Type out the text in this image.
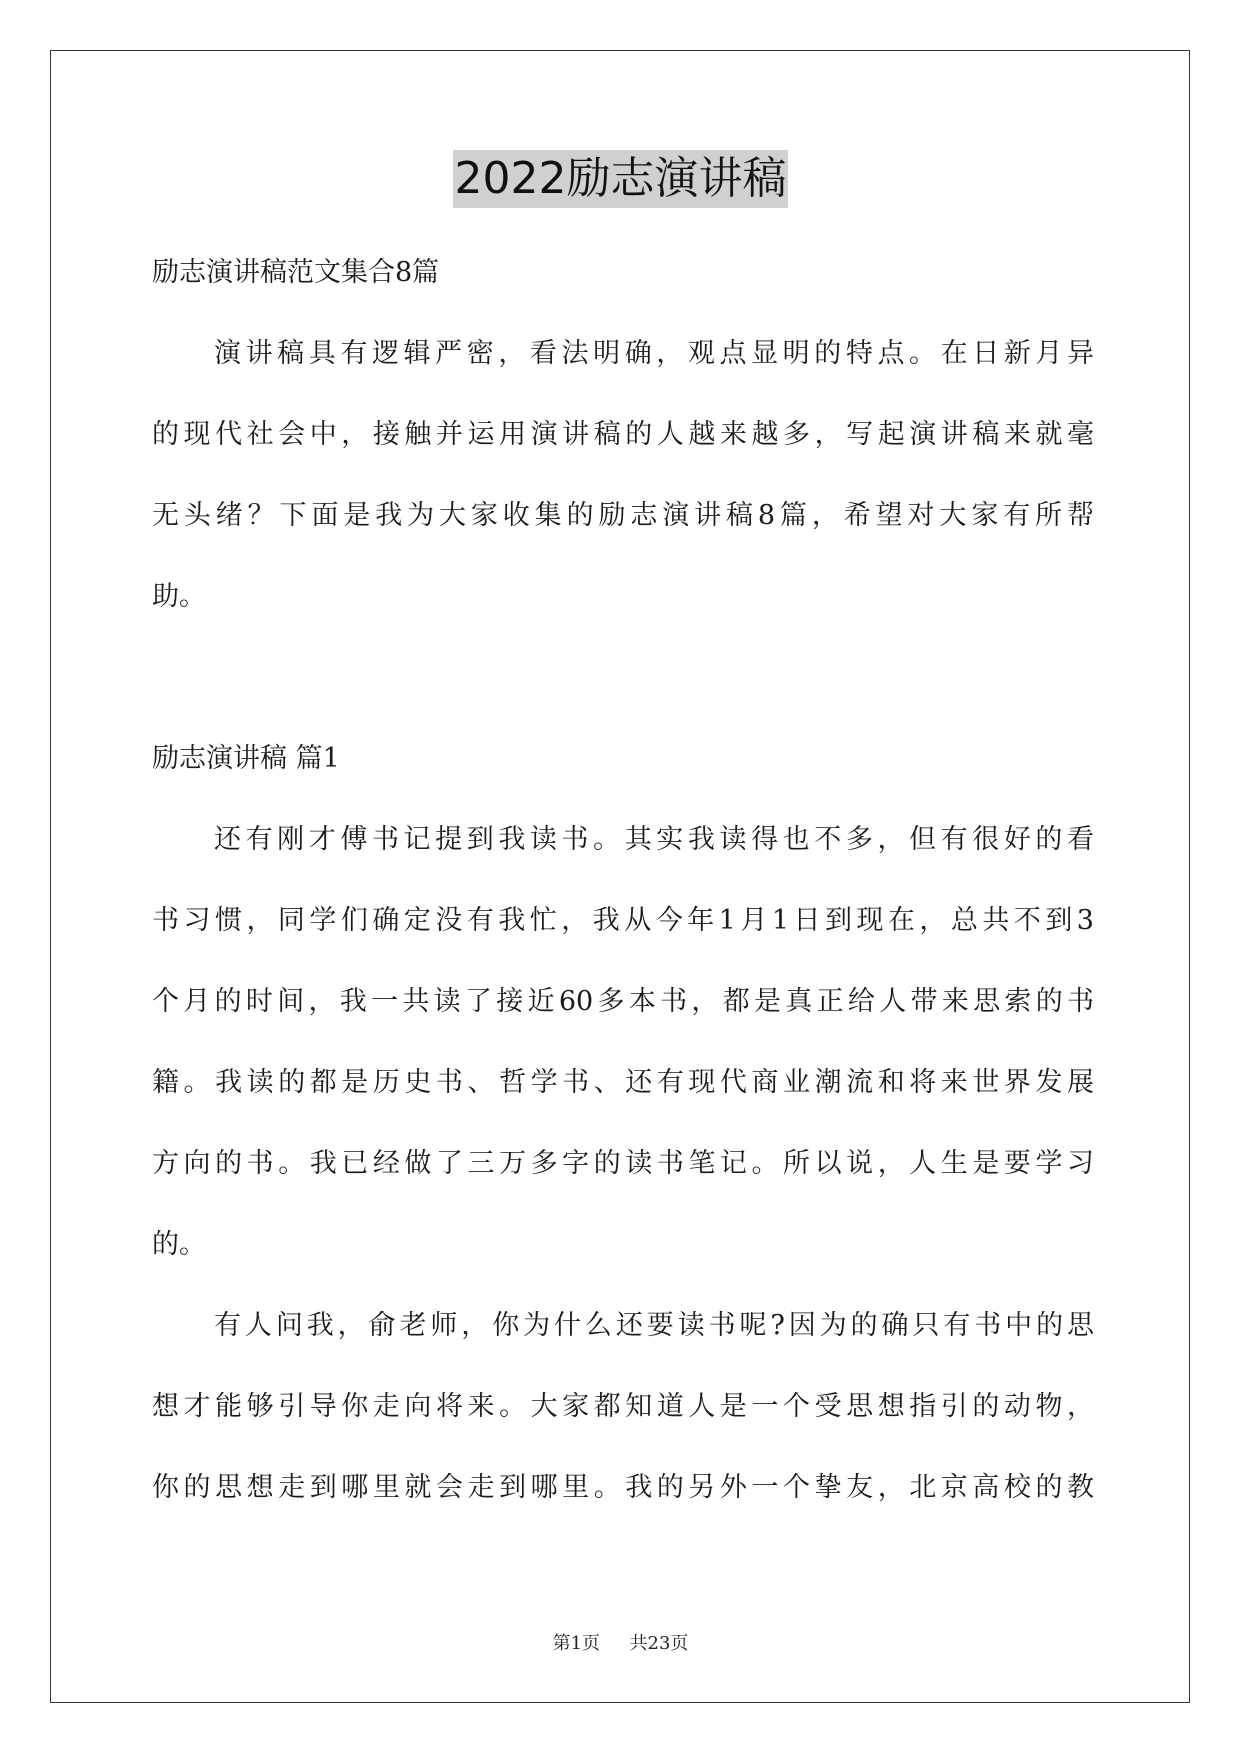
2022励志演讲稿

励志演讲稿范文集合8篇

演讲稿具有逻辑严密，看法明确，观点显明的特点。在日新月异

的现代社会中，接触并运用演讲稿的人越来越多，写起演讲稿来就毫

无头绪？下面是我为大家收集的励志演讲稿8篇，希望对大家有所帮

助。

励志演讲稿 篇1

还有刚才傅书记提到我读书。其实我读得也不多，但有很好的看

书习惯，同学们确定没有我忙，我从今年1月1日到现在，总共不到3

个月的时间，我一共读了接近60多本书，都是真正给人带来思索的书

籍。我读的都是历史书、哲学书、还有现代商业潮流和将来世界发展

方向的书。我已经做了三万多字的读书笔记。所以说，人生是要学习

的。

有人问我，俞老师，你为什么还要读书呢?因为的确只有书中的思

想才能够引导你走向将来。大家都知道人是一个受思想指引的动物，

你的思想走到哪里就会走到哪里。我的另外一个挚友，北京高校的教

第1页 共23页
